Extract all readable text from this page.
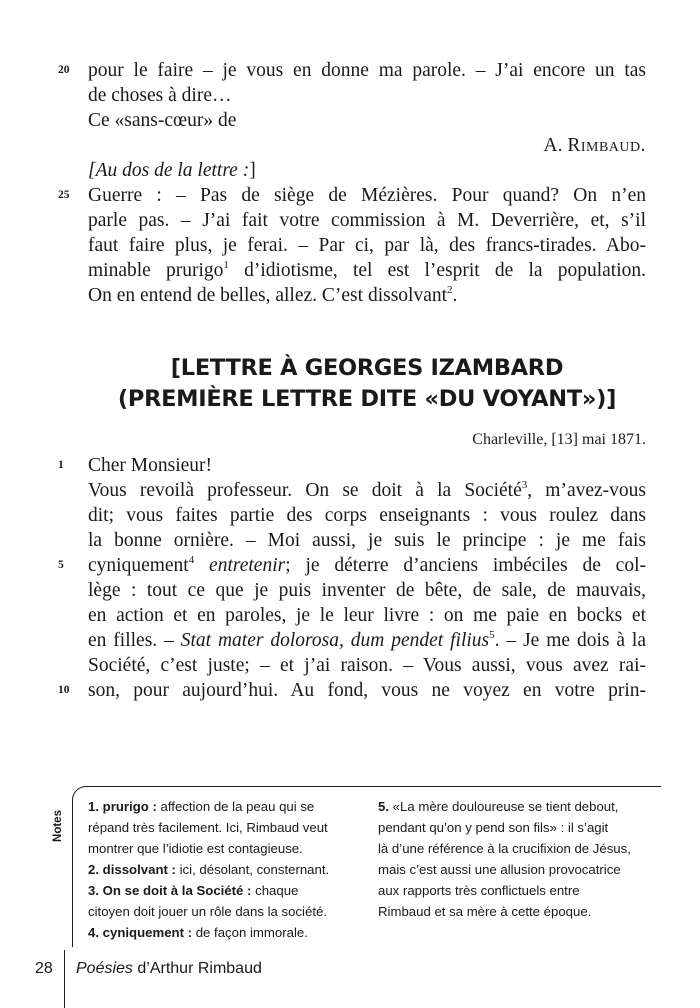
20 pour le faire – je vous en donne ma parole. – J’ai encore un tas
de choses à dire…
Ce «sans-cœur» de
A. Rimbaud.
[Au dos de la lettre :]
25 Guerre : – Pas de siège de Mézières. Pour quand? On n’en
parle pas. – J’ai fait votre commission à M. Deverrière, et, s’il
faut faire plus, je ferai. – Par ci, par là, des francs-tirades. Abo-
minable prurigo$^1$ d’idiotisme, tel est l’esprit de la population.
On en entend de belles, allez. C’est dissolvant$^2$.
[LETTRE À GEORGES IZAMBARD
(PREMIÈRE LETTRE DITE «DU VOYANT»)]
Charleville, [13] mai 1871.
1	Cher Monsieur!
Vous revoilà professeur. On se doit à la Société$^3$, m’avez-vous
dit; vous faites partie des corps enseignants : vous roulez dans
la bonne ornière. – Moi aussi, je suis le principe : je me fais
5	cyniquement$^4$ entretenir; je déterre d’anciens imbéciles de col-
lège : tout ce que je puis inventer de bête, de sale, de mauvais,
en action et en paroles, je le leur livre : on me paie en bocks et
en filles. – Stat mater dolorosa, dum pendet filius$^5$. – Je me dois à la
Société, c’est juste; – et j’ai raison. – Vous aussi, vous avez rai-
10 son, pour aujourd’hui. Au fond, vous ne voyez en votre prin-
Notes
1. prurigo : affection de la peau qui se
répand très facilement. Ici, Rimbaud veut
montrer que l’idiotie est contagieuse.
2. dissolvant : ici, désolant, consternant.
3. On se doit à la Société : chaque
citoyen doit jouer un rôle dans la société.
4. cyniquement : de façon immorale.
5. «La mère douloureuse se tient debout,
pendant qu’on y pend son fils» : il s’agit
là d’une référence à la crucifixion de Jésus,
mais c’est aussi une allusion provocatrice
aux rapports très conflictuels entre
Rimbaud et sa mère à cette époque.
28 Poésies d’Arthur Rimbaud
